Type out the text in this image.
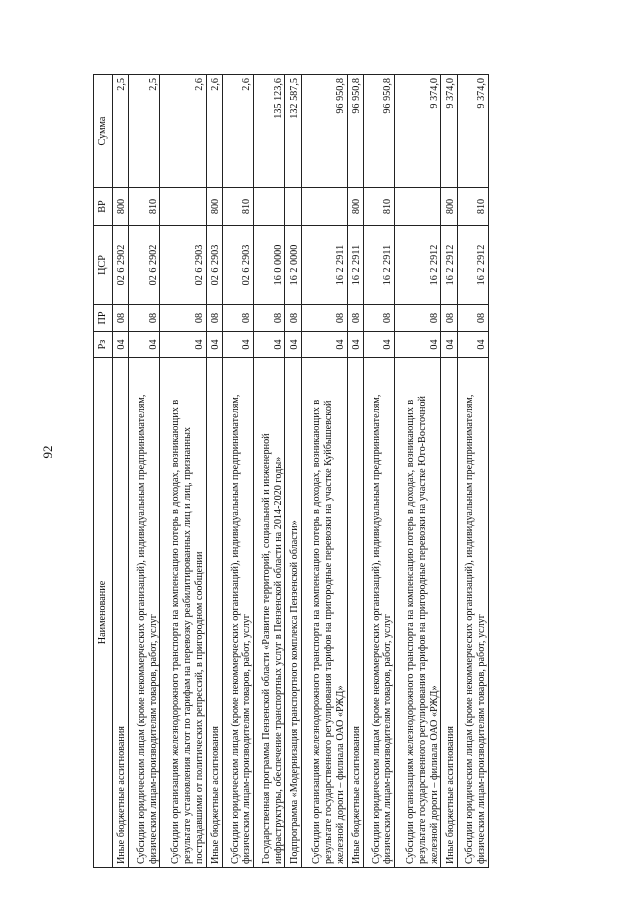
92
Наименование	Рз	ПР	ЦСР	ВР	Сумма
Иные бюджетные ассигнования	04	08	02 6 2902	800	2,5
Субсидии юридическим лицам (кроме некоммерческих организаций), индивидуальным предпринимателям, физическим лицам-производителям товаров, работ, услуг	04	08	02 6 2902	810	2,5
Субсидии организациям железнодорожного транспорта на компенсацию потерь в доходах, возникающих в результате установления льгот по тарифам на перевозку реабилитированных лиц и лиц, признанных пострадавшими от политических репрессий, в пригородном сообщении	04	08	02 6 2903		2,6
Иные бюджетные ассигнования	04	08	02 6 2903	800	2,6
Субсидии юридическим лицам (кроме некоммерческих организаций), индивидуальным предпринимателям, физическим лицам-производителям товаров, работ, услуг	04	08	02 6 2903	810	2,6
Государственная программа Пензенской области «Развитие территорий, социальной и инженерной инфраструктуры, обеспечение транспортных услуг в Пензенской области на 2014-2020 годы»	04	08	16 0 0000		135 123,6
Подпрограмма «Модернизация транспортного комплекса Пензенской области»	04	08	16 2 0000		132 587,5
Субсидии организациям железнодорожного транспорта на компенсацию потерь в доходах, возникающих в результате государственного регулирования тарифов на пригородные перевозки на участке Куйбышевской железной дороги – филиала ОАО «РЖД»	04	08	16 2 2911		96 950,8
Иные бюджетные ассигнования	04	08	16 2 2911	800	96 950,8
Субсидии юридическим лицам (кроме некоммерческих организаций), индивидуальным предпринимателям, физическим лицам-производителям товаров, работ, услуг	04	08	16 2 2911	810	96 950,8
Субсидии организациям железнодорожного транспорта на компенсацию потерь в доходах, возникающих в результате государственного регулирования тарифов на пригородные перевозки на участке Юго-Восточной железной дороги – филиала ОАО «РЖД»	04	08	16 2 2912		9 374,0
Иные бюджетные ассигнования	04	08	16 2 2912	800	9 374,0
Субсидии юридическим лицам (кроме некоммерческих организаций), индивидуальным предпринимателям, физическим лицам-производителям товаров, работ, услуг	04	08	16 2 2912	810	9 374,0
